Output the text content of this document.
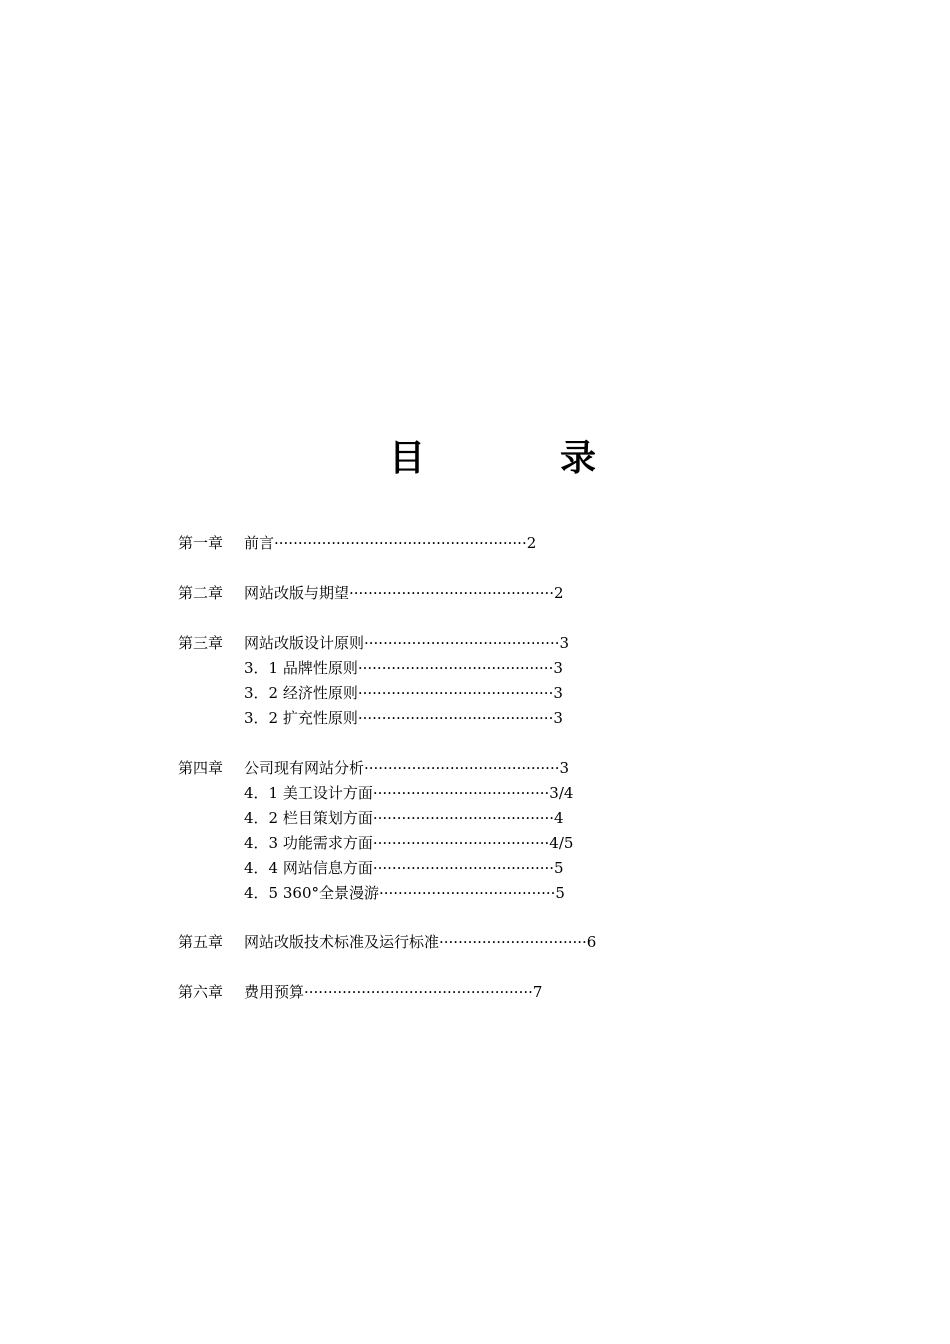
目	录
第一章 前言·····················································2
第二章 网站改版与期望···········································2
第三章 网站改版设计原则·········································3
3．1 品牌性原则·········································3
3．2 经济性原则·········································3
3．2 扩充性原则·········································3
第四章 公司现有网站分析·········································3
4．1 美工设计方面·····································3/4
4．2 栏目策划方面······································4
4．3 功能需求方面·····································4/5
4．4 网站信息方面······································5
4．5 360°全景漫游·····································5
第五章 网站改版技术标准及运行标准·······························6
第六章 费用预算················································7
